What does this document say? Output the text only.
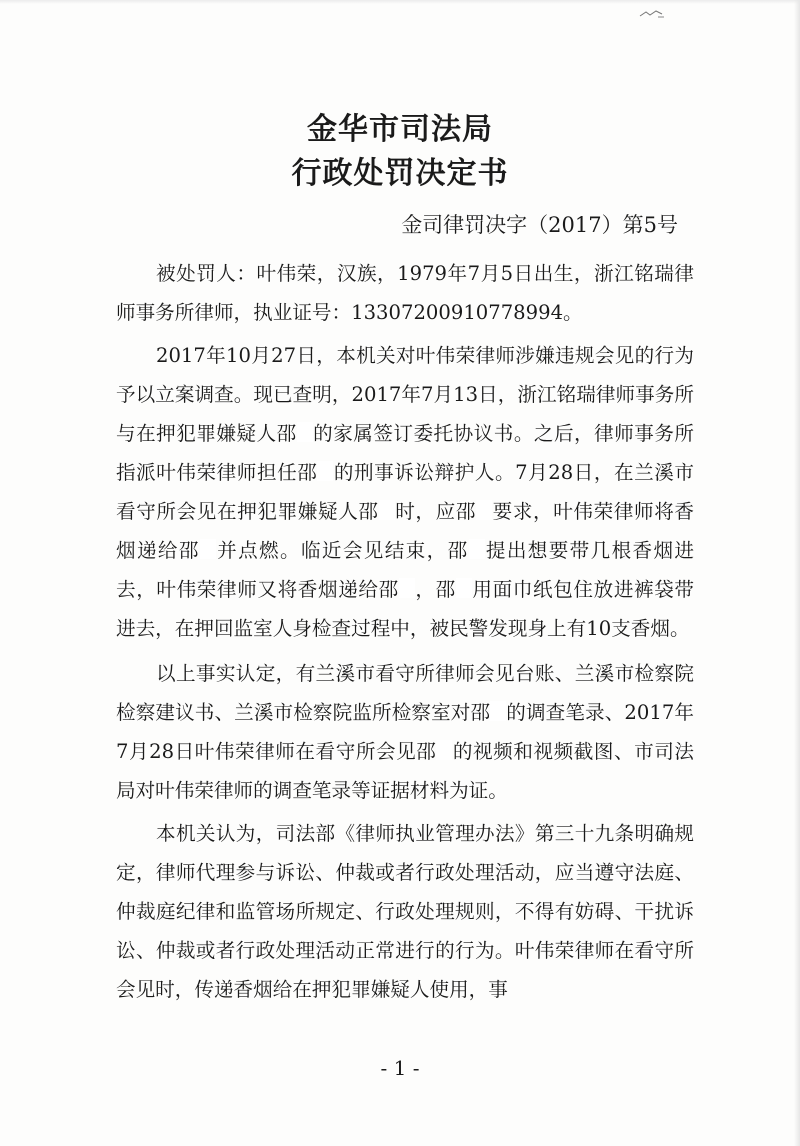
金华市司法局
行政处罚决定书
金司律罚决字（2017）第5号

被处罚人：叶伟荣，汉族，1979年7月5日出生，浙江铭瑞律师事务所律师，执业证号：13307200910778994。

2017年10月27日，本机关对叶伟荣律师涉嫌违规会见的行为予以立案调查。现已查明，2017年7月13日，浙江铭瑞律师事务所与在押犯罪嫌疑人邵 的家属签订委托协议书。之后，律师事务所指派叶伟荣律师担任邵 的刑事诉讼辩护人。7月28日，在兰溪市看守所会见在押犯罪嫌疑人邵 时，应邵 要求，叶伟荣律师将香烟递给邵 并点燃。临近会见结束，邵 提出想要带几根香烟进去，叶伟荣律师又将香烟递给邵 ，邵 用面巾纸包住放进裤袋带进去，在押回监室人身检查过程中，被民警发现身上有10支香烟。

以上事实认定，有兰溪市看守所律师会见台账、兰溪市检察院检察建议书、兰溪市检察院监所检察室对邵 的调查笔录、2017年7月28日叶伟荣律师在看守所会见邵 的视频和视频截图、市司法局对叶伟荣律师的调查笔录等证据材料为证。

本机关认为，司法部《律师执业管理办法》第三十九条明确规定，律师代理参与诉讼、仲裁或者行政处理活动，应当遵守法庭、仲裁庭纪律和监管场所规定、行政处理规则，不得有妨碍、干扰诉讼、仲裁或者行政处理活动正常进行的行为。叶伟荣律师在看守所会见时，传递香烟给在押犯罪嫌疑人使用，事

- 1 -
